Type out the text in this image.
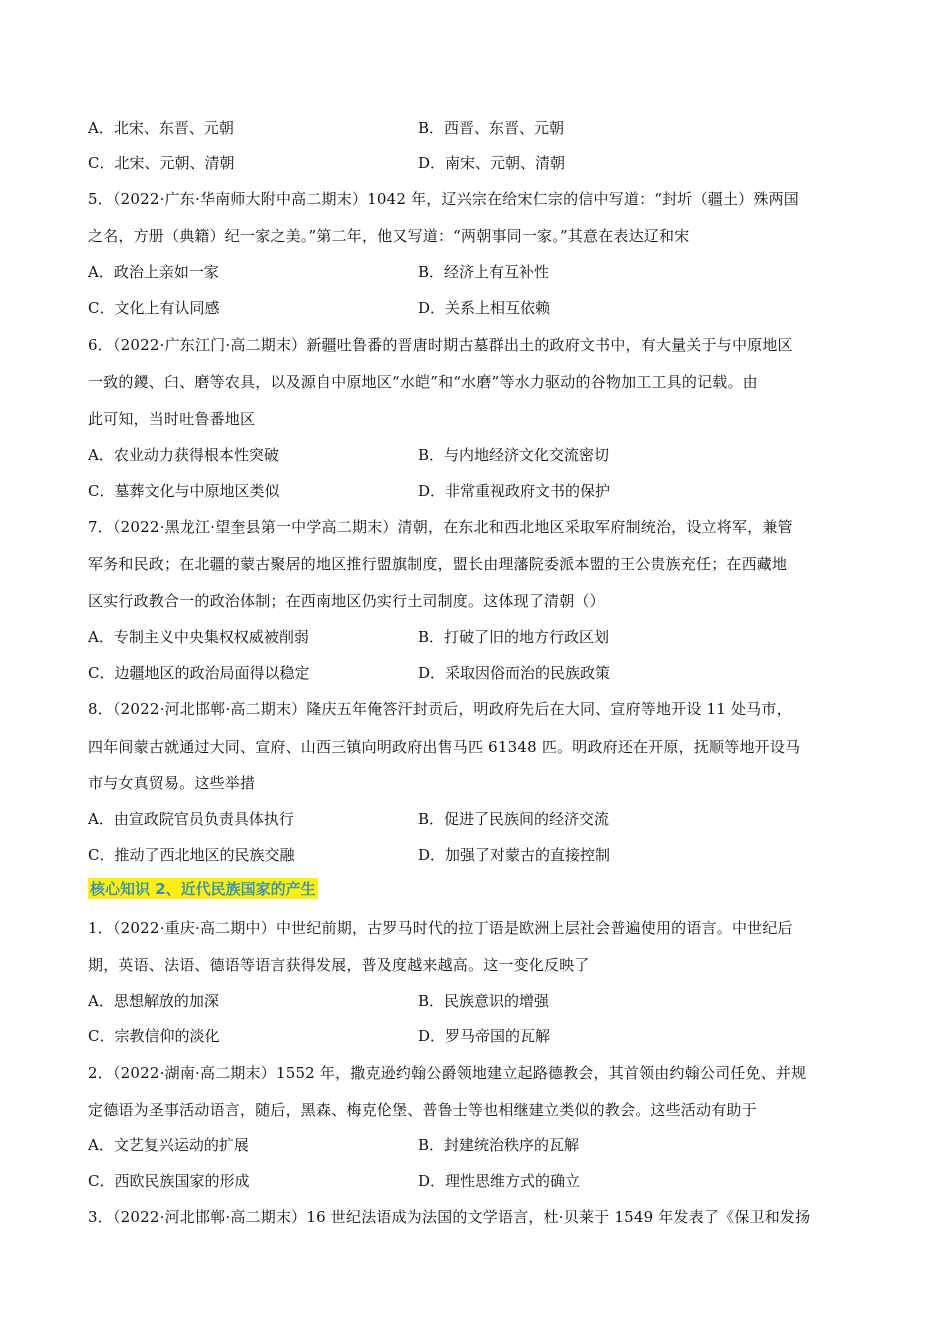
A．北宋、东晋、元朝	B．西晋、东晋、元朝
C．北宋、元朝、清朝	D．南宋、元朝、清朝
5．（2022·广东·华南师大附中高二期末）1042 年，辽兴宗在给宋仁宗的信中写道：“封圻（疆土）殊两国
之名，方册（典籍）纪一家之美。”第二年，他又写道：“两朝事同一家。”其意在表达辽和宋
A．政治上亲如一家	B．经济上有互补性
C．文化上有认同感	D．关系上相互依赖
6．（2022·广东江门·高二期末）新疆吐鲁番的晋唐时期古墓群出土的政府文书中，有大量关于与中原地区
一致的鑁、臼、磨等农具，以及源自中原地区“水皑”和“水磨”等水力驱动的谷物加工工具的记载。由
此可知，当时吐鲁番地区
A．农业动力获得根本性突破	B．与内地经济文化交流密切
C．墓葬文化与中原地区类似	D．非常重视政府文书的保护
7．（2022·黑龙江·望奎县第一中学高二期末）清朝，在东北和西北地区采取军府制统治，设立将军，兼管
军务和民政；在北疆的蒙古聚居的地区推行盟旗制度，盟长由理藩院委派本盟的王公贵族充任；在西藏地
区实行政教合一的政治体制；在西南地区仍实行土司制度。这体现了清朝（）
A．专制主义中央集权权威被削弱	B．打破了旧的地方行政区划
C．边疆地区的政治局面得以稳定	D．采取因俗而治的民族政策
8．（2022·河北邯郸·高二期末）隆庆五年俺答汗封贡后，明政府先后在大同、宣府等地开设 11 处马市，
四年间蒙古就通过大同、宣府、山西三镇向明政府出售马匹 61348 匹。明政府还在开原，抚顺等地开设马
市与女真贸易。这些举措
A．由宣政院官员负责具体执行	B．促进了民族间的经济交流
C．推动了西北地区的民族交融	D．加强了对蒙古的直接控制
核心知识 2、近代民族国家的产生
1．（2022·重庆·高二期中）中世纪前期，古罗马时代的拉丁语是欧洲上层社会普遍使用的语言。中世纪后
期，英语、法语、德语等语言获得发展，普及度越来越高。这一变化反映了
A．思想解放的加深	B．民族意识的增强
C．宗教信仰的淡化	D．罗马帝国的瓦解
2．（2022·湖南·高二期末）1552 年，撒克逊约翰公爵领地建立起路德教会，其首领由约翰公司任免、并规
定德语为圣事活动语言，随后，黑森、梅克伦堡、普鲁士等也相继建立类似的教会。这些活动有助于
A．文艺复兴运动的扩展	B．封建统治秩序的瓦解
C．西欧民族国家的形成	D．理性思维方式的确立
3．（2022·河北邯郸·高二期末）16 世纪法语成为法国的文学语言，杜·贝莱于 1549 年发表了《保卫和发扬
